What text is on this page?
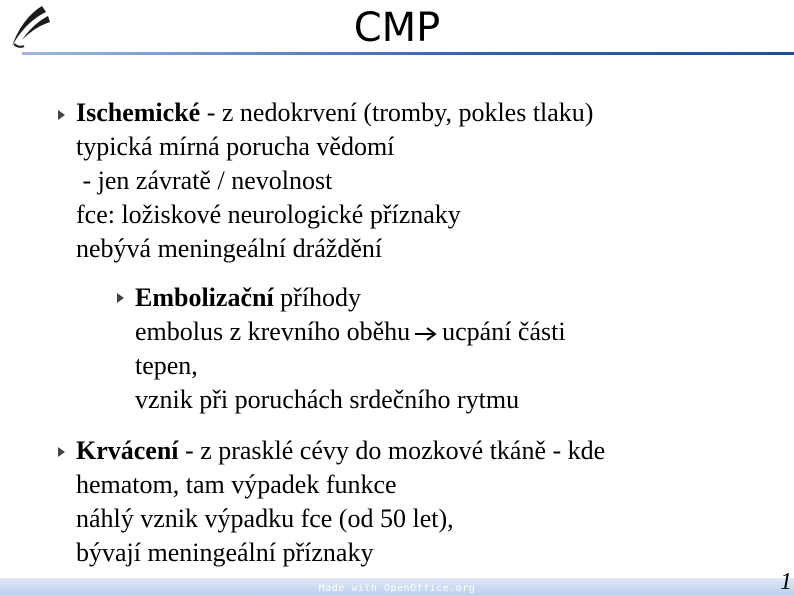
CMP
Ischemické - z nedokrvení (tromby, pokles tlaku)
typická mírná porucha vědomí
- jen závratě / nevolnost
fce: ložiskové neurologické příznaky
nebývá meningeální dráždění
Embolizační příhody
embolus z krevního oběhu ucpání části
tepen,
vznik při poruchách srdečního rytmu
Krvácení - z prasklé cévy do mozkové tkáně - kde
hematom, tam výpadek funkce
náhlý vznik výpadku fce (od 50 let),
bývají meningeální příznaky
Made with OpenOffice.org	1
